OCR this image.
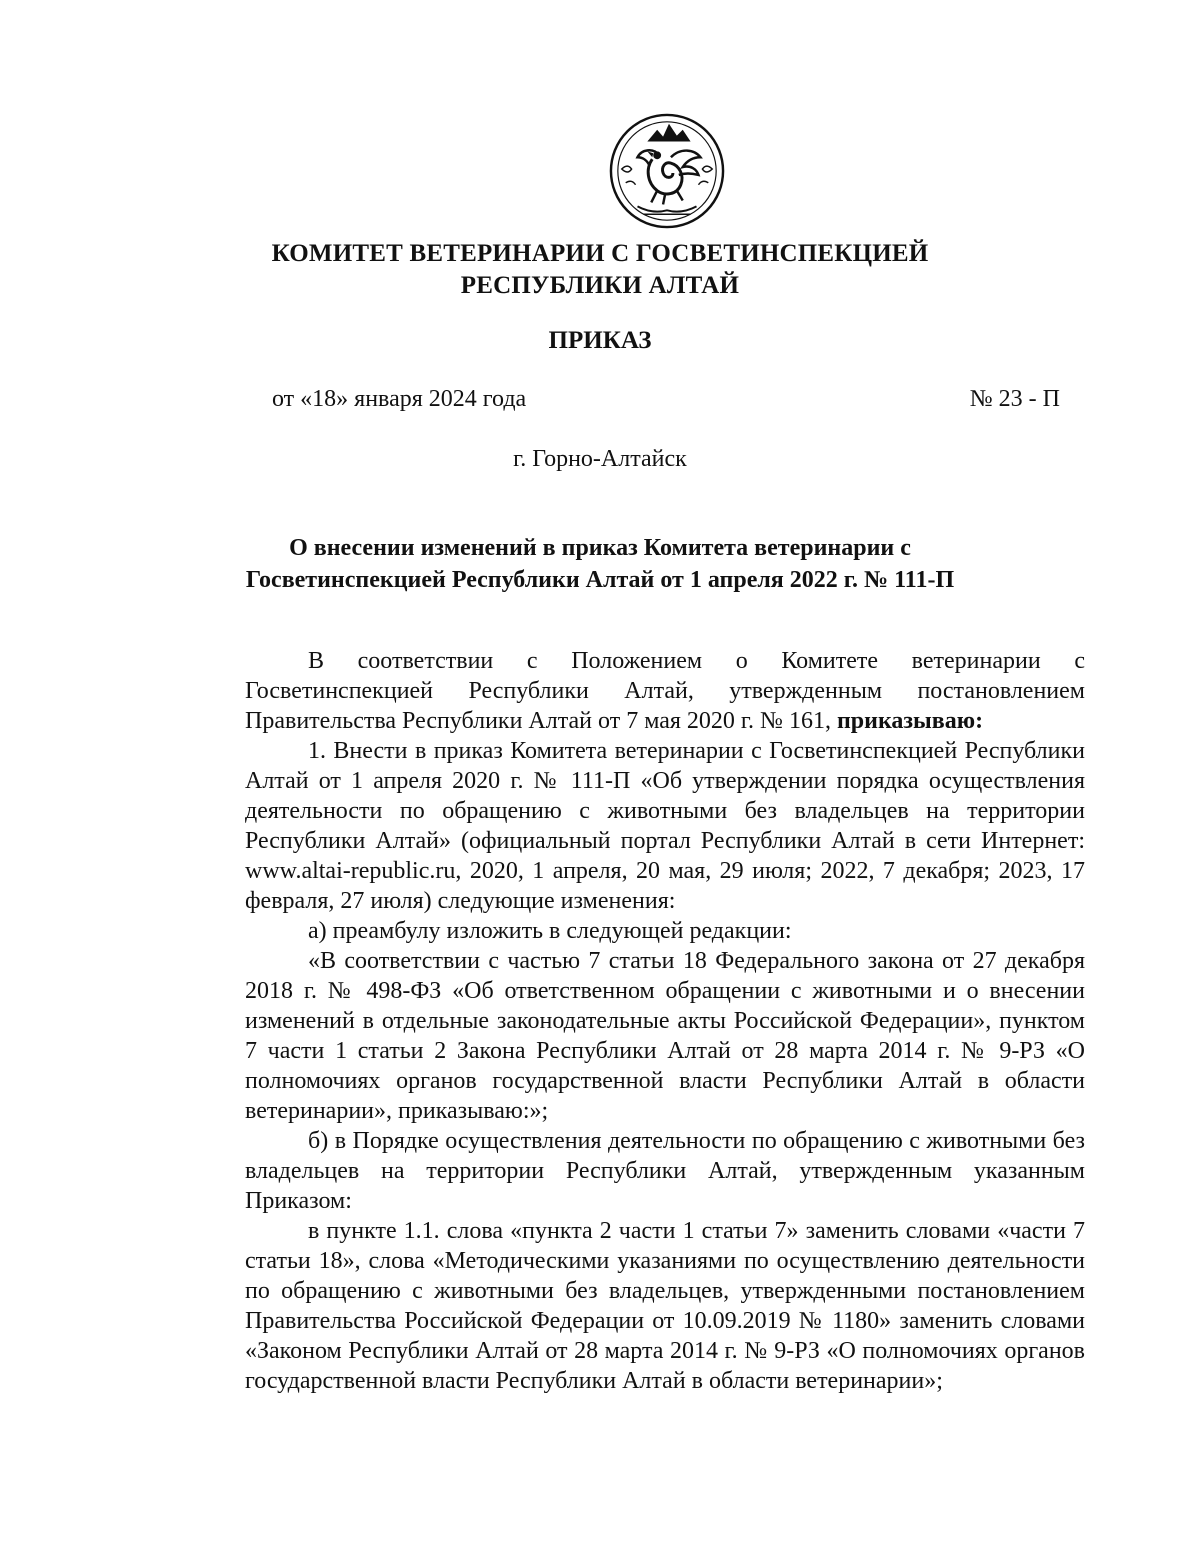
КОМИТЕТ ВЕТЕРИНАРИИ С ГОСВЕТИНСПЕКЦИЕЙ
РЕСПУБЛИКИ АЛТАЙ
ПРИКАЗ
от «18» января 2024 года	№ 23 - П
г. Горно-Алтайск
О внесении изменений в приказ Комитета ветеринарии с
Госветинспекцией Республики Алтай от 1 апреля 2022 г. № 111-П

В соответствии с Положением о Комитете ветеринарии с Госветинспекцией Республики Алтай, утвержденным постановлением Правительства Республики Алтай от 7 мая 2020 г. № 161, приказываю:

1. Внести в приказ Комитета ветеринарии с Госветинспекцией Республики Алтай от 1 апреля 2020 г. № 111-П «Об утверждении порядка осуществления деятельности по обращению с животными без владельцев на территории Республики Алтай» (официальный портал Республики Алтай в сети Интернет: www.altai-republic.ru, 2020, 1 апреля, 20 мая, 29 июля; 2022, 7 декабря; 2023, 17 февраля, 27 июля) следующие изменения:

а) преамбулу изложить в следующей редакции:

«В соответствии с частью 7 статьи 18 Федерального закона от 27 декабря 2018 г. № 498-ФЗ «Об ответственном обращении с животными и о внесении изменений в отдельные законодательные акты Российской Федерации», пунктом 7 части 1 статьи 2 Закона Республики Алтай от 28 марта 2014 г. № 9-РЗ «О полномочиях органов государственной власти Республики Алтай в области ветеринарии», приказываю:»;

б) в Порядке осуществления деятельности по обращению с животными без владельцев на территории Республики Алтай, утвержденным указанным Приказом:

в пункте 1.1. слова «пункта 2 части 1 статьи 7» заменить словами «части 7 статьи 18», слова «Методическими указаниями по осуществлению деятельности по обращению с животными без владельцев, утвержденными постановлением Правительства Российской Федерации от 10.09.2019 № 1180» заменить словами «Законом Республики Алтай от 28 марта 2014 г. № 9-РЗ «О полномочиях органов государственной власти Республики Алтай в области ветеринарии»;
